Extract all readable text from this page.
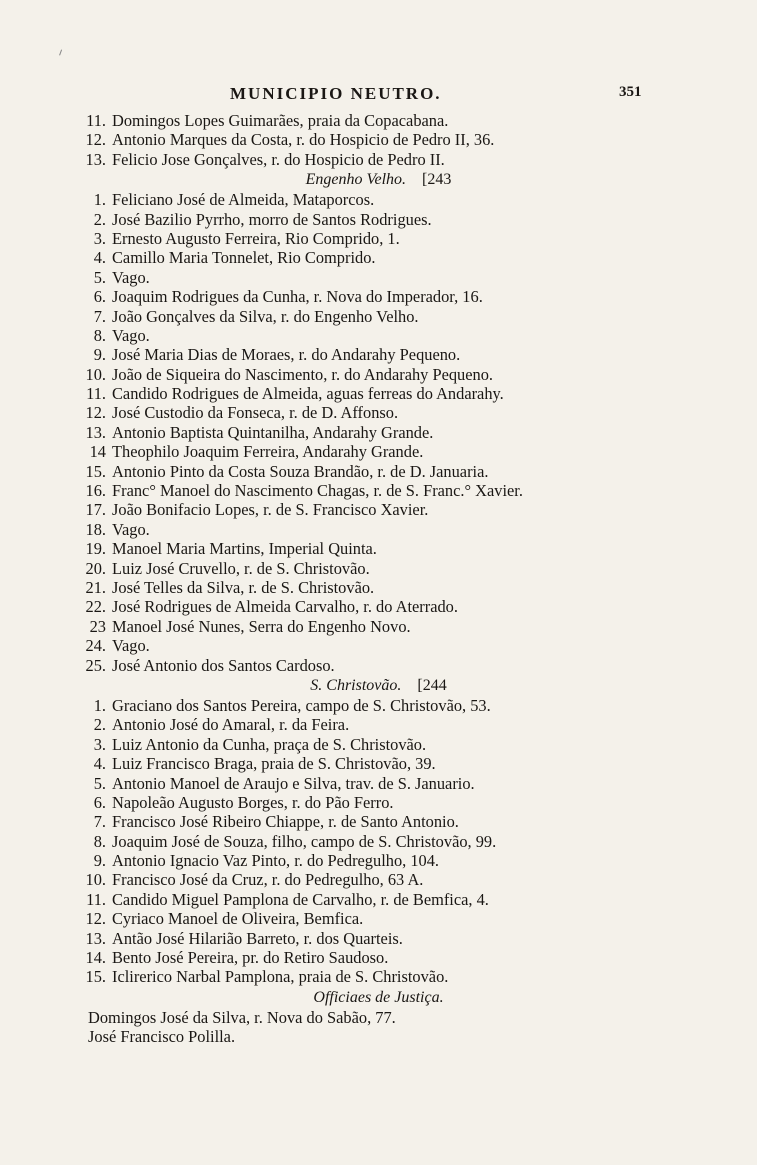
MUNICIPIO NEUTRO.	351
11. Domingos Lopes Guimarães, praia da Copacabana.
12. Antonio Marques da Costa, r. do Hospicio de Pedro II, 36.
13. Felicio Jose Gonçalves, r. do Hospicio de Pedro II.
Engenho Velho.  [243
1. Feliciano José de Almeida, Mataporcos.
2. José Bazilio Pyrrho, morro de Santos Rodrigues.
3. Ernesto Augusto Ferreira, Rio Comprido, 1.
4. Camillo Maria Tonnelet, Rio Comprido.
5. Vago.
6. Joaquim Rodrigues da Cunha, r. Nova do Imperador, 16.
7. João Gonçalves da Silva, r. do Engenho Velho.
8. Vago.
9. José Maria Dias de Moraes, r. do Andarahy Pequeno.
10. João de Siqueira do Nascimento, r. do Andarahy Pequeno.
11. Candido Rodrigues de Almeida, aguas ferreas do Andarahy.
12. José Custodio da Fonseca, r. de D. Affonso.
13. Antonio Baptista Quintanilha, Andarahy Grande.
14 Theophilo Joaquim Ferreira, Andarahy Grande.
15. Antonio Pinto da Costa Souza Brandão, r. de D. Januaria.
16. Franc° Manoel do Nascimento Chagas, r. de S. Franc.° Xavier.
17. João Bonifacio Lopes, r. de S. Francisco Xavier.
18. Vago.
19. Manoel Maria Martins, Imperial Quinta.
20. Luiz José Cruvello, r. de S. Christovão.
21. José Telles da Silva, r. de S. Christovão.
22. José Rodrigues de Almeida Carvalho, r. do Aterrado.
23 Manoel José Nunes, Serra do Engenho Novo.
24. Vago.
25. José Antonio dos Santos Cardoso.
S. Christovão.  [244
1. Graciano dos Santos Pereira, campo de S. Christovão, 53.
2. Antonio José do Amaral, r. da Feira.
3. Luiz Antonio da Cunha, praça de S. Christovão.
4. Luiz Francisco Braga, praia de S. Christovão, 39.
5. Antonio Manoel de Araujo e Silva, trav. de S. Januario.
6. Napoleão Augusto Borges, r. do Pão Ferro.
7. Francisco José Ribeiro Chiappe, r. de Santo Antonio.
8. Joaquim José de Souza, filho, campo de S. Christovão, 99.
9. Antonio Ignacio Vaz Pinto, r. do Pedregulho, 104.
10. Francisco José da Cruz, r. do Pedregulho, 63 A.
11. Candido Miguel Pamplona de Carvalho, r. de Bemfica, 4.
12. Cyriaco Manoel de Oliveira, Bemfica.
13. Antão José Hilarião Barreto, r. dos Quarteis.
14. Bento José Pereira, pr. do Retiro Saudoso.
15. Iclirerico Narbal Pamplona, praia de S. Christovão.
Officiaes de Justiça.
Domingos José da Silva, r. Nova do Sabão, 77.
José Francisco Polilla.
